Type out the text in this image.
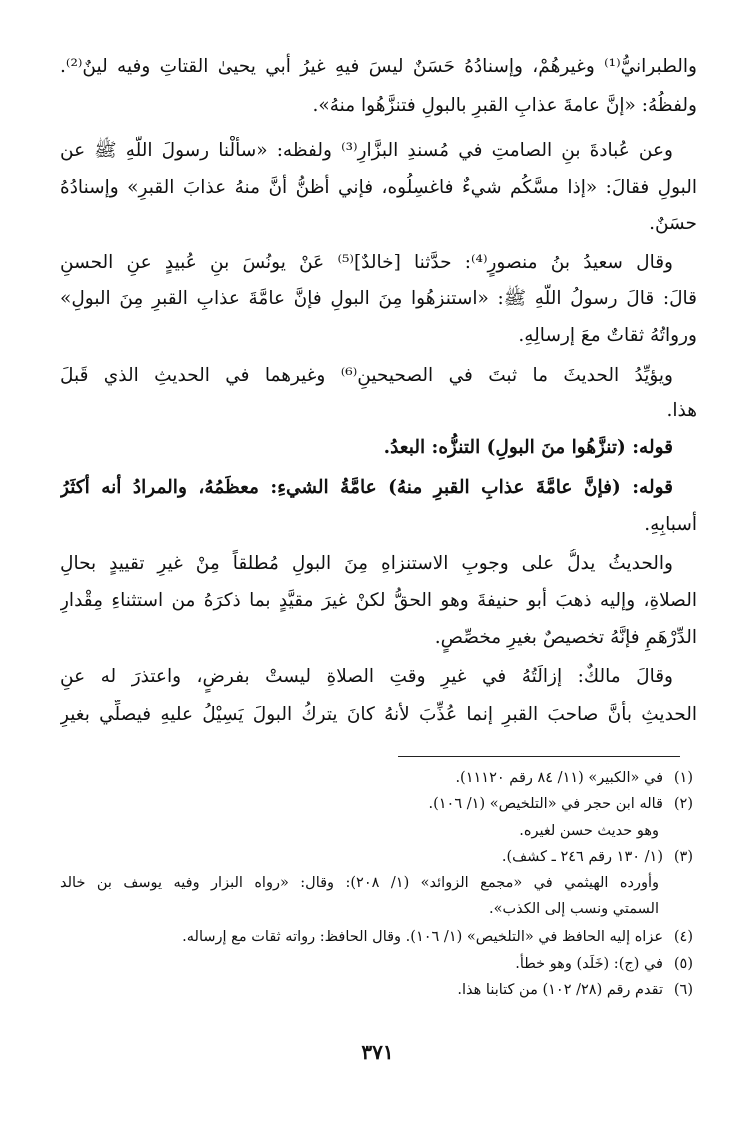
والطبرانيُّ⁽¹⁾ وغيرهُمْ، وإسنادُهُ حَسَنٌ ليسَ فيهِ غيرُ أبي يحيىٰ القتاتِ وفيه لينٌ⁽²⁾.
ولفظُهُ: «إنَّ عامةَ عذابِ القبرِ بالبولِ فتنزَّهُوا منهُ».
وعن عُبادةَ بنِ الصامتِ في مُسندِ البزَّارِ⁽³⁾ ولفظه: «سألْنا رسولَ اللَّهِ ﷺ عن
البولِ فقالَ: «إذا مسَّكُم شيءٌ فاغسِلُوه، فإني أظنُّ أنَّ منهُ عذابَ القبرِ» وإسنادُهُ
حسَنٌ.
وقال سعيدُ بنُ منصورٍ⁽⁴⁾: حدَّثنا [خالدٌ]⁽⁵⁾ عَنْ يونُسَ بنِ عُبيدٍ عنِ الحسنِ
قالَ: قالَ رسولُ اللَّهِ ﷺ: «استنزهُوا مِنَ البولِ فإنَّ عامَّةَ عذابِ القبرِ مِنَ البولِ»
ورواتُهُ ثقاتٌ معَ إرسالِهِ.
ويؤيِّدُ الحديثَ ما ثبتَ في الصحيحينِ⁽⁶⁾ وغيرهما في الحديثِ الذي قَبلَ
هذا.
قوله: (تنزَّهُوا منَ البولِ) التنزُّه: البعدُ.
قوله: (فإنَّ عامَّةَ عذابِ القبرِ منهُ) عامَّةُ الشيءِ: معظَمُهُ، والمرادُ أنه أكثَرُ
أسبابِهِ.
والحديثُ يدلُّ على وجوبِ الاستنزاهِ مِنَ البولِ مُطلقاً مِنْ غيرِ تقييدٍ بحالِ
الصلاةِ، وإليه ذهبَ أبو حنيفةَ وهو الحقُّ لكنْ غيرَ مقيَّدٍ بما ذكرَهُ من استثناءِ مِقْدارِ
الدِّرْهَمِ فإنَّهُ تخصيصٌ بغيرِ مخصِّصٍ.
وقالَ مالكٌ: إزالَتُهُ في غيرِ وقتِ الصلاةِ ليستْ بفرضٍ، واعتذرَ له عنِ
الحديثِ بأنَّ صاحبَ القبرِ إنما عُذِّبَ لأنهُ كانَ يتركُ البولَ يَسِيْلُ عليهِ فيصلِّي بغيرِ
(١)في «الكبير» (١١/ ٨٤ رقم ١١١٢٠).
(٢)قاله ابن حجر في «التلخيص» (١/ ١٠٦).
وهو حديث حسن لغيره.
(٣)(١/ ١٣٠ رقم ٢٤٦ ـ كشف).
وأورده الهيثمي في «مجمع الزوائد» (١/ ٢٠٨): وقال: «رواه البزار وفيه يوسف بن خالد
السمتي ونسب إلى الكذب».
(٤)عزاه إليه الحافظ في «التلخيص» (١/ ١٠٦). وقال الحافظ: رواته ثقات مع إرساله.
(٥)في (ج): (خَلَد) وهو خطأ.
(٦)تقدم رقم (٢٨/ ١٠٢) من كتابنا هذا.
٣٧١
